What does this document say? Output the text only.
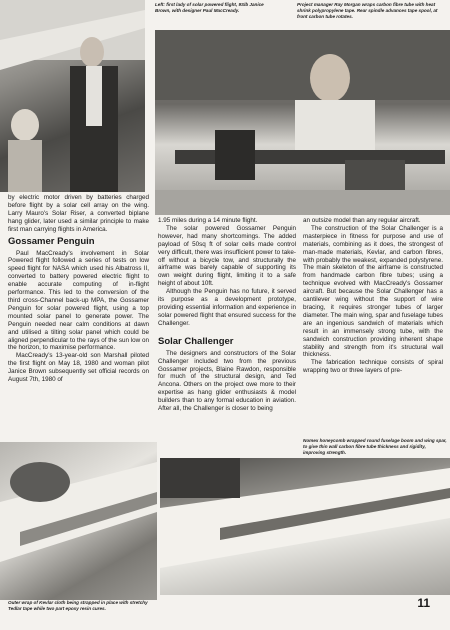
Left: first lady of solar powered flight, 9Slb Janice Brown, with designer Paul MacCready.
Project manager Ray Morgan wraps carbon fibre tube with heat shrink polypropylene tape. Rear spindle advances tape spool, at front carbon tube rotates.

by electric motor driven by batteries charged before flight by a solar cell array on the wing. Larry Mauro's Solar Riser, a converted biplane hang glider, later used a similar principle to make first man carrying flights in America.

Gossamer Penguin

Paul MacCready's involvement in Solar Powered flight followed a series of tests on low speed flight for NASA which used his Albatross II, converted to battery powered electric flight to enable accurate computing of in-flight performance. This led to the conversion of the third cross-Channel back-up MPA, the Gossamer Penguin for solar powered flight, using a top mounted solar panel to generate power. The Penguin needed near calm conditions at dawn and utilised a tilting solar panel which could be aligned perpendicular to the rays of the sun low on the horizon, to maximise performance.

MacCready's 13-year-old son Marshall piloted the first flight on May 18, 1980 and woman pilot Janice Brown subsequently set official records on August 7th, 1980 of

1.95 miles during a 14 minute flight.

The solar powered Gossamer Penguin however, had many shortcomings. The added payload of 50sq ft of solar cells made control very difficult, there was insufficient power to take-off without a bicycle tow, and structurally the airframe was barely capable of supporting its own weight during flight, limiting it to a safe height of about 10ft.

Although the Penguin has no future, it served its purpose as a development prototype, providing essential information and experience in solar powered flight that ensured success for the Challenger.

Solar Challenger

The designers and constructors of the Solar Challenger included two from the previous Gossamer projects, Blaine Rawdon, responsible for much of the structural design, and Ted Ancona. Others on the project owe more to their expertise as hang glider enthusiasts & model builders than to any formal education in aviation. After all, the Challenger is closer to being

an outsize model than any regular aircraft.

The construction of the Solar Challenger is a masterpiece in fitness for purpose and use of materials, combining as it does, the strongest of man-made materials, Kevlar, and carbon fibres, with probably the weakest, expanded polystyrene. The main skeleton of the airframe is constructed from handmade carbon fibre tubes; using a technique evolved with MacCready's Gossamer aircraft. But because the Solar Challenger has a cantilever wing without the support of wire bracing, it requires stronger tubes of larger diameter. The main wing, spar and fuselage tubes are an ingenious sandwich of materials which result in an immensely strong tube, with the sandwich construction providing inherent shape stability and strength from it's structural wall thickness.

The fabrication technique consists of spiral wrapping two or three layers of pre-

Outer wrap of Kevlar cloth being strapped in place with stretchy Tedlar tape while two part epoxy resin cures.
Nomex honeycomb wrapped round fuselage boom and wing spar, to give thin wall carbon fibre tube thickness and rigidity, improving strength.
11
